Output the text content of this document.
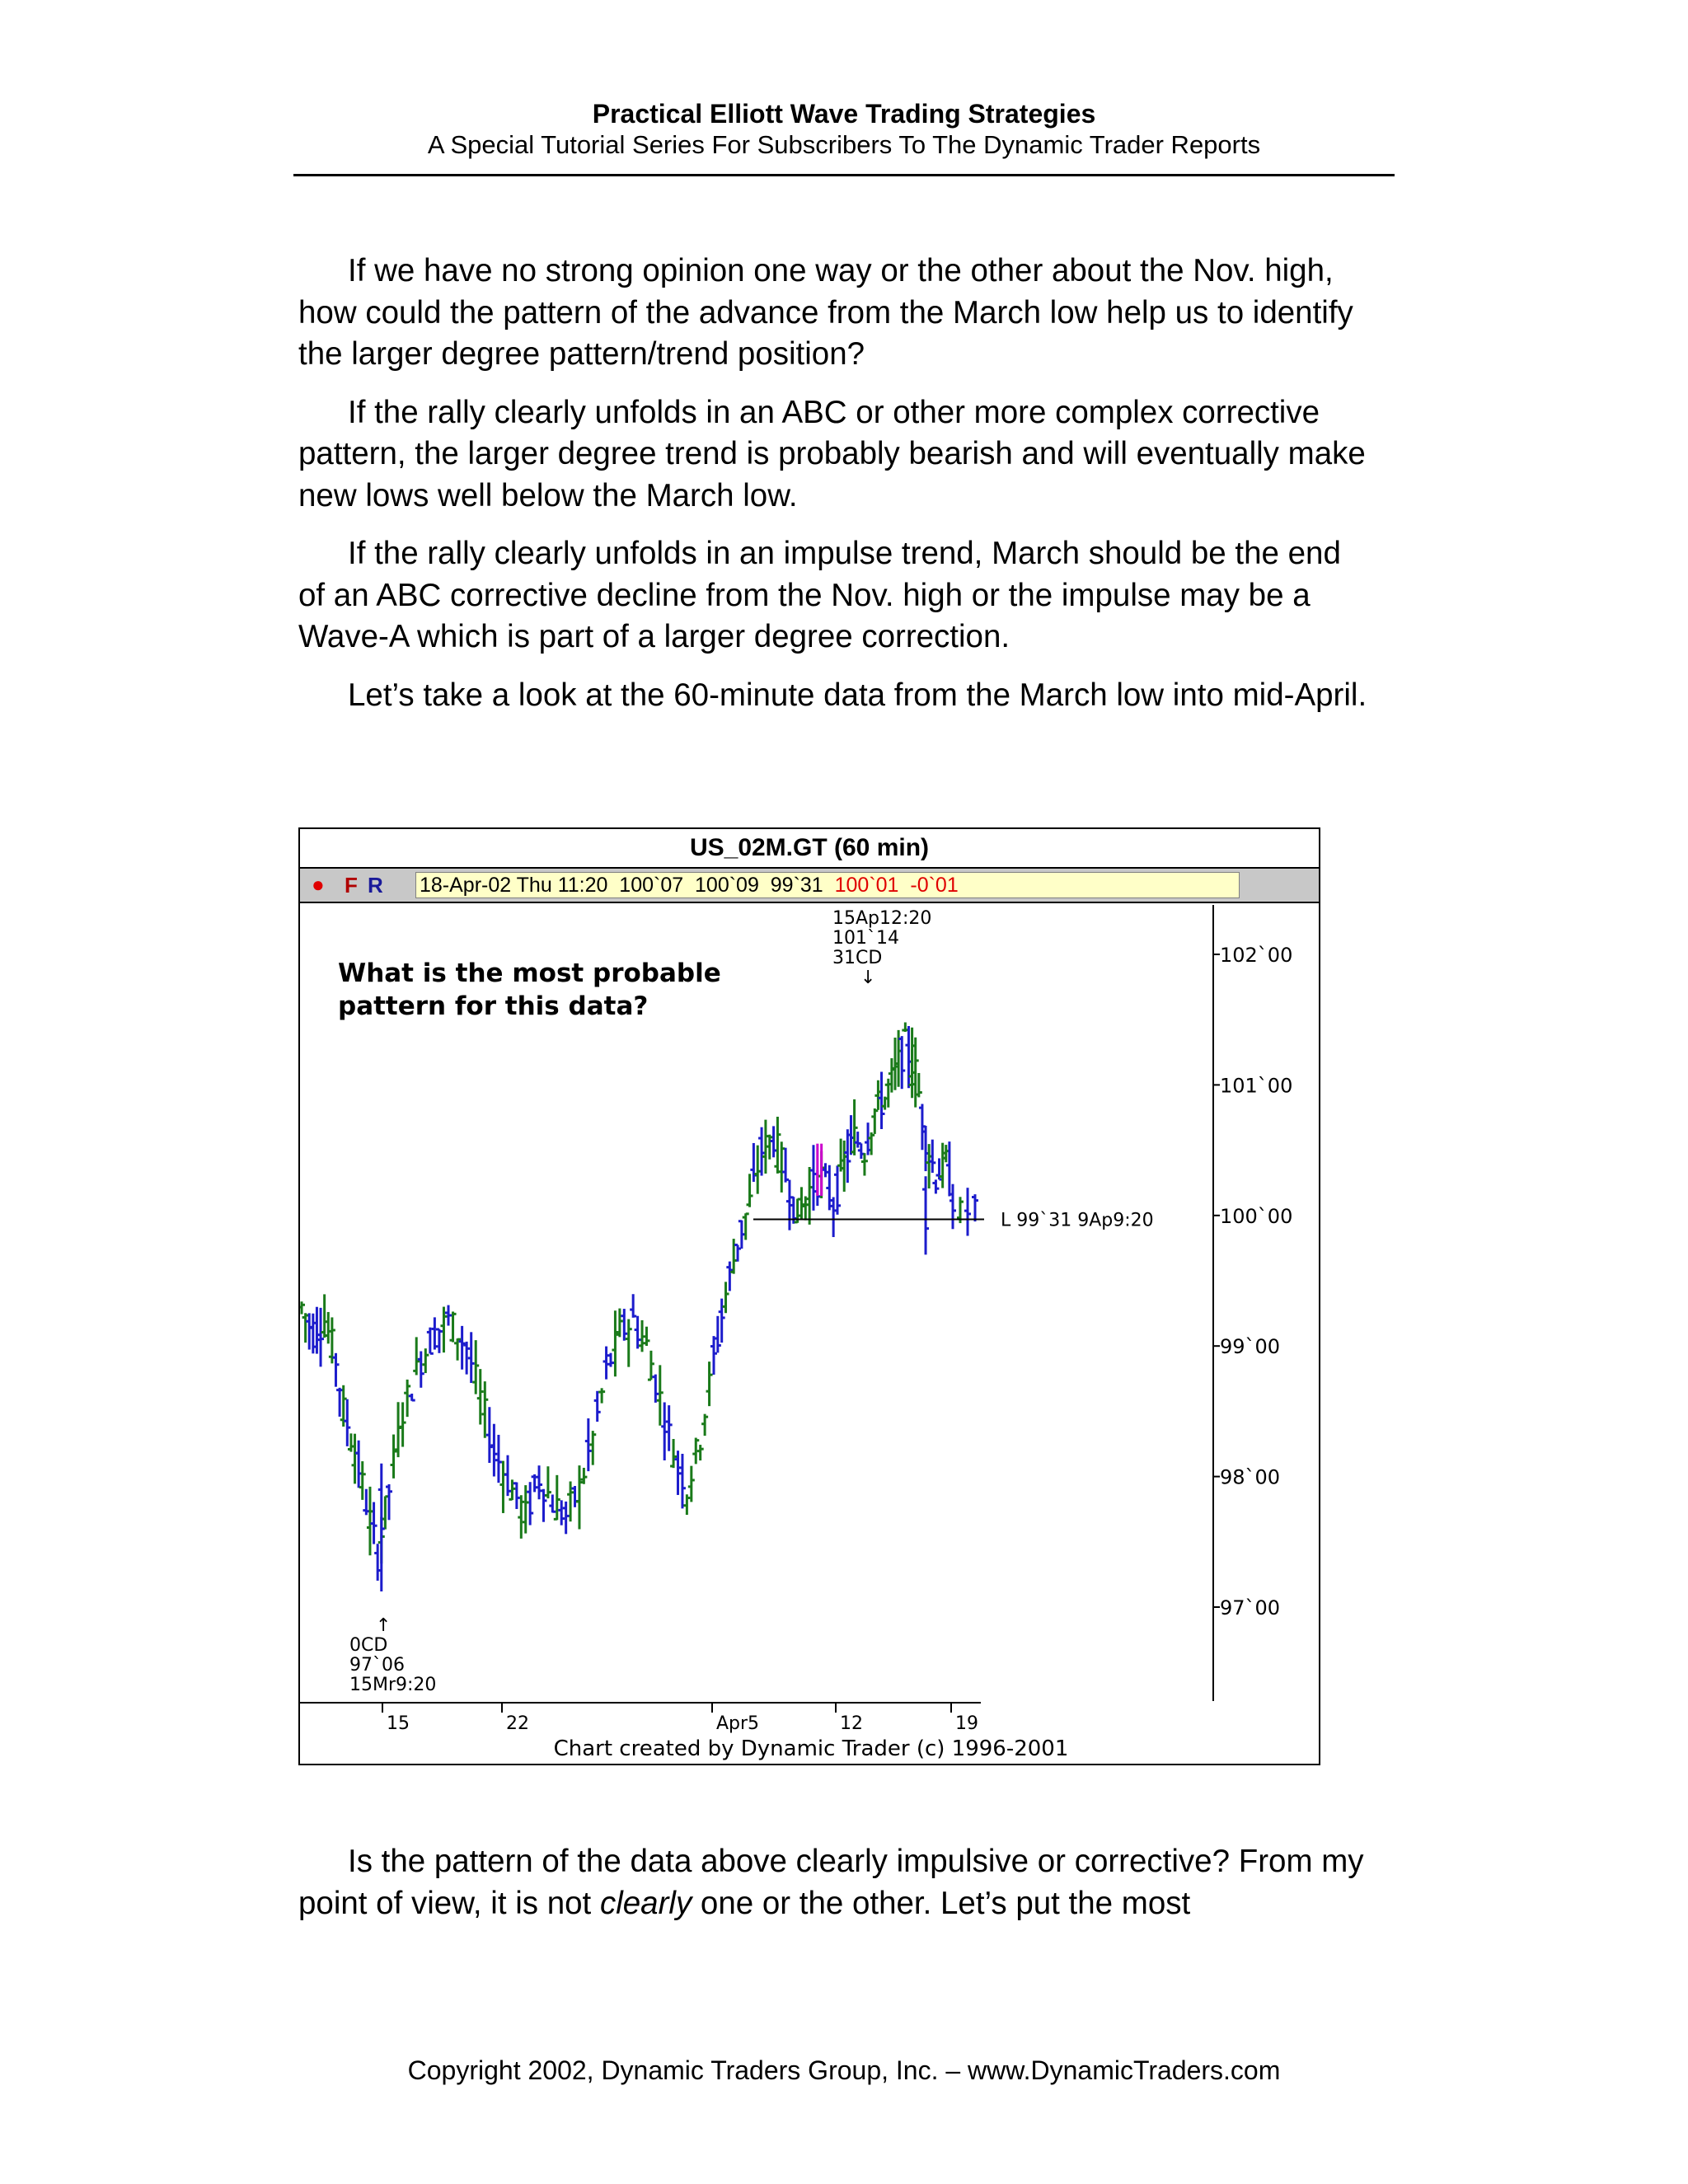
Practical Elliott Wave Trading Strategies
A Special Tutorial Series For Subscribers To The Dynamic Trader Reports

If we have no strong opinion one way or the other about the Nov. high, how could the pattern of the advance from the March low help us to identify the larger degree pattern/trend position?

If the rally clearly unfolds in an ABC or other more complex corrective pattern, the larger degree trend is probably bearish and will eventually make new lows well below the March low.

If the rally clearly unfolds in an impulse trend, March should be the end of an ABC corrective decline from the Nov. high or the impulse may be a Wave-A which is part of a larger degree correction.

Let’s take a look at the 60-minute data from the March low into mid-April.

102`00
101`00
100`00
99`00
98`00
97`00
15	22	Apr5	12	19
L 99`31 9Ap9:20
What is the most probable
pattern for this data?
15Ap12:20
101`14
31CD
↓
↑
0CD
97`06
15Mr9:20
Chart created by Dynamic Trader (c) 1996-2001
US_02M.GT (60 min)
● F R 18-Apr-02 Thu 11:20  100`07  100`09  99`31 100`01 -0`01

Is the pattern of the data above clearly impulsive or corrective? From my point of view, it is not clearly one or the other. Let’s put the most

Copyright 2002, Dynamic Traders Group, Inc. – www.DynamicTraders.com
